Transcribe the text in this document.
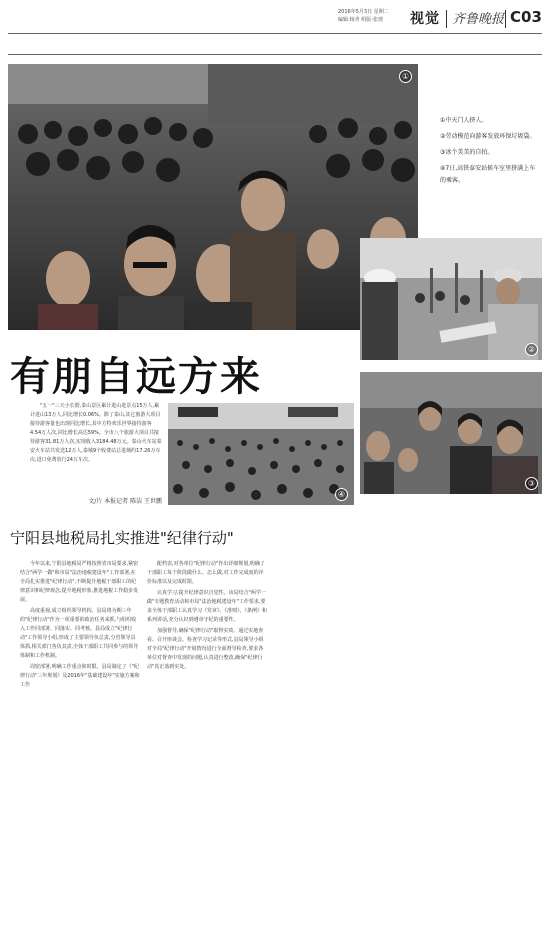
2016年5月3日 星期二
编辑:杨青 组版:张琰	视觉 齐鲁晚报 C03
①
①中天门人挤人。
②劳动模范向游客发放环保垃圾袋。
③冰个美美的自拍。
④7日,高铁泰安站候车室里挤满上车的乘客。
②
有朋自远方来
"五一"三天小长假,泰山景区累计进山进景点15万人,累计进山13万人,同比增长0.06%。除了泰山,其它旅游大项目接待游客量也出现同比增长,其中方特欢乐世界接待游客4.54万人次,同比增长高达59%。全市八个旅游大项目共接待游客31.81万人次,实现收入3184.48万元。泰山火车站泰安火车站共发送12万人,泰城9个收费站总进城约17.26万车次,进口免费放行24万车次。
文/片 本报记者 陈洁 王世鹏
④
③
宁阳县地税局扎实推进"纪律行动"

今年以来,宁阳县地税局严格按照省市局要求,紧密结合"两学一做"和市局"法治地税建设年"工作部署,在全局扎实推进"纪律行动",不断提升地税干部职工的纪律意识和纪律观念,提升地税形象,推进地税工作稳步发展。

高度重视,成立组织领导机构。县局将为期三年的"纪律行动"作为一项重要的政治任务来抓,与组织收入工作同部署、同落实、同考核。县局成立"纪律行动"工作领导小组,形成了主要领导负总责,分管领导具体抓,相关部门各负其责,全体干部职工共同参与的领导体制和工作机制。

周密部署,明确工作重点和时限。县局制定了《"纪律行动"三年规划》及2016年"基础建设年"实施方案和工作

配档表,对各单位"纪律行动"作出详细规划,明确了干部职工每个阶段做什么、怎么做,对工作完成度的评价标准以及完成时限。

认真学习,提升纪律意识自觉性。该局结合"两学一做"专题教育活动和市局"法治地税建设年"工作要求,要求全体干部职工认真学习《党章》、《准则》、《条例》和系列讲话,充分认识到遵章守纪的重要性。

加强督导,确保"纪律行动"取得实效。通过实地查看、召开座谈会、检查学习记录等形式,县局领导小组对全局"纪律行动"开展情况进行全面督导检查,要求各单位对督查中发现的问题,认真进行整改,确保"纪律行动"真正落到实处。
